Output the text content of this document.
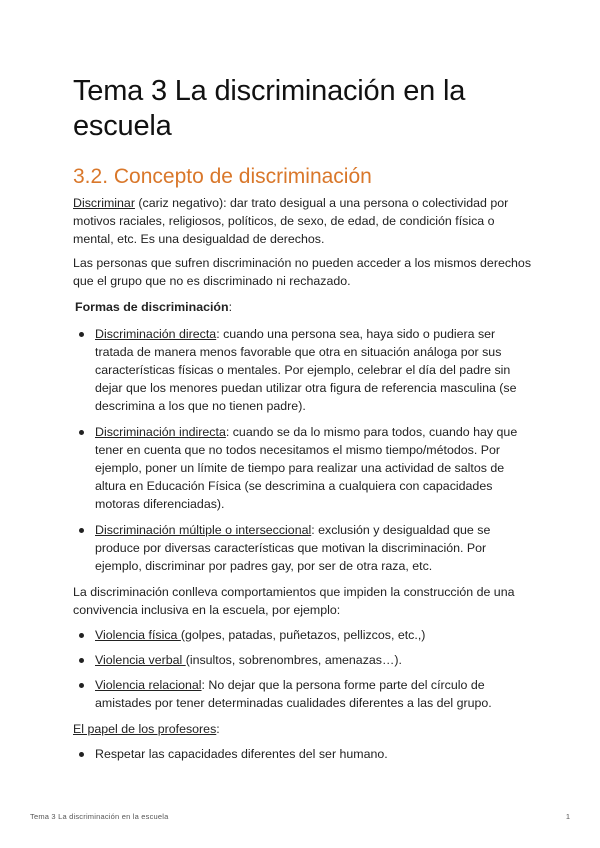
Tema 3 La discriminación en la escuela
3.2. Concepto de discriminación

Discriminar (cariz negativo): dar trato desigual a una persona o colectividad por motivos raciales, religiosos, políticos, de sexo, de edad, de condición física o mental, etc. Es una desigualdad de derechos.

Las personas que sufren discriminación no pueden acceder a los mismos derechos que el grupo que no es discriminado ni rechazado.

Formas de discriminación:

Discriminación directa: cuando una persona sea, haya sido o pudiera ser tratada de manera menos favorable que otra en situación análoga por sus características físicas o mentales. Por ejemplo, celebrar el día del padre sin dejar que los menores puedan utilizar otra figura de referencia masculina (se descrimina a los que no tienen padre).
Discriminación indirecta: cuando se da lo mismo para todos, cuando hay que tener en cuenta que no todos necesitamos el mismo tiempo/métodos. Por ejemplo, poner un límite de tiempo para realizar una actividad de saltos de altura en Educación Física (se descrimina a cualquiera con capacidades motoras diferenciadas).
Discriminación múltiple o interseccional: exclusión y desigualdad que se produce por diversas características que motivan la discriminación. Por ejemplo, discriminar por padres gay, por ser de otra raza, etc.

La discriminación conlleva comportamientos que impiden la construcción de una convivencia inclusiva en la escuela, por ejemplo:

Violencia física (golpes, patadas, puñetazos, pellizcos, etc.,)
Violencia verbal (insultos, sobrenombres, amenazas…).
Violencia relacional: No dejar que la persona forme parte del círculo de amistades por tener determinadas cualidades diferentes a las del grupo.

El papel de los profesores:

Respetar las capacidades diferentes del ser humano.
Tema 3 La discriminación en la escuela	1
